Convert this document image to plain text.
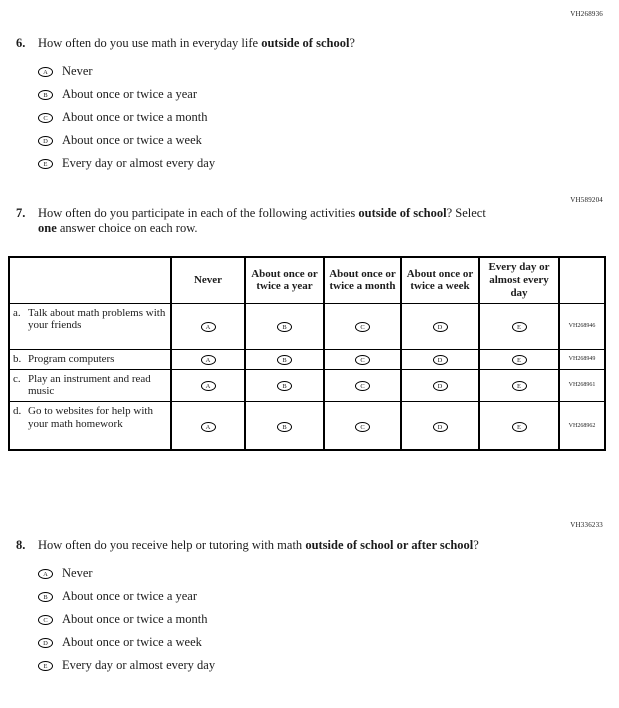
VH268936
6.	How often do you use math in everyday life outside of school?
A	Never
B	About once or twice a year
C	About once or twice a month
D	About once or twice a week
E	Every day or almost every day
VH589204
7.	How often do you participate in each of the following activities outside of school? Select one answer choice on each row.
	Never	About once or twice a year	About once or twice a month	About once or twice a week	Every day or almost every day	

a. Talk about math problems with your friends	A	B	C	D	E	VH268946

b. Program computers	A	B	C	D	E	VH268949

c. Play an instrument and read music	A	B	C	D	E	VH268961

d. Go to websites for help with your math homework	A	B	C	D	E	VH268962
VH336233
8.	How often do you receive help or tutoring with math outside of school or after school?
A	Never
B	About once or twice a year
C	About once or twice a month
D	About once or twice a week
E	Every day or almost every day
